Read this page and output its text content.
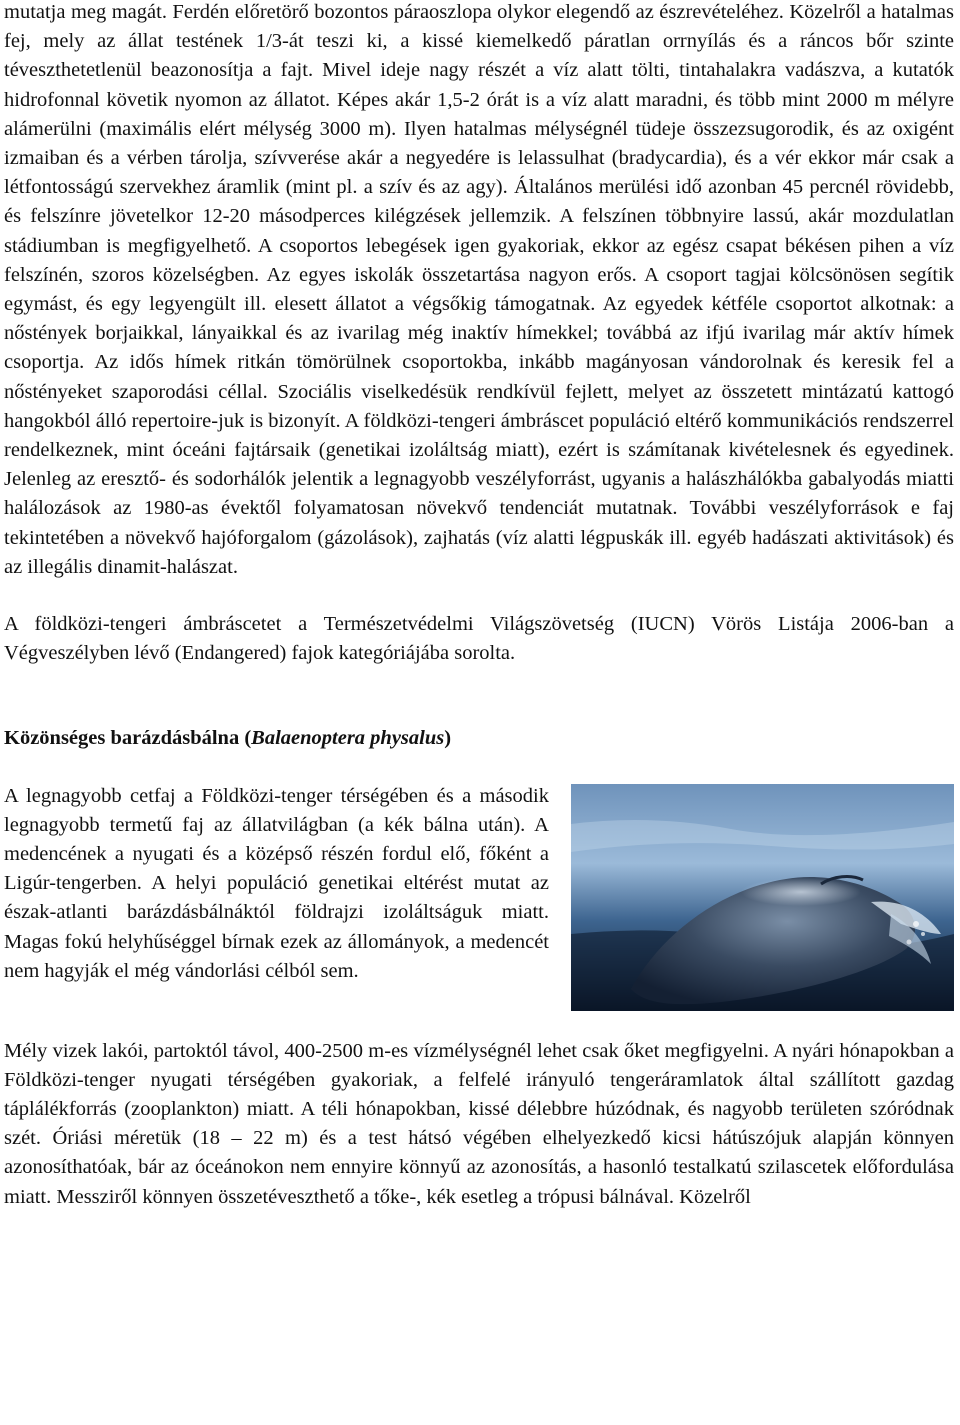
mutatja meg magát. Ferdén előretörő bozontos páraoszlopa olykor elegendő az észrevételéhez. Közelről a hatalmas fej, mely az állat testének 1/3-át teszi ki, a kissé kiemelkedő páratlan orrnyílás és a ráncos bőr szinte téveszthetetlenül beazonosítja a fajt. Mivel ideje nagy részét a víz alatt tölti, tintahalakra vadászva, a kutatók hidrofonnal követik nyomon az állatot. Képes akár 1,5-2 órát is a víz alatt maradni, és több mint 2000 m mélyre alámerülni (maximális elért mélység 3000 m). Ilyen hatalmas mélységnél tüdeje összezsugorodik, és az oxigént izmaiban és a vérben tárolja, szívverése akár a negyedére is lelassulhat (bradycardia), és a vér ekkor már csak a létfontosságú szervekhez áramlik (mint pl. a szív és az agy). Általános merülési idő azonban 45 percnél rövidebb, és felszínre jövetelkor 12-20 másodperces kilégzések jellemzik. A felszínen többnyire lassú, akár mozdulatlan stádiumban is megfigyelhető. A csoportos lebegések igen gyakoriak, ekkor az egész csapat békésen pihen a víz felszínén, szoros közelségben. Az egyes iskolák összetartása nagyon erős. A csoport tagjai kölcsönösen segítik egymást, és egy legyengült ill. elesett állatot a végsőkig támogatnak. Az egyedek kétféle csoportot alkotnak: a nőstények borjaikkal, lányaikkal és az ivarilag még inaktív hímekkel; továbbá az ifjú ivarilag már aktív hímek csoportja. Az idős hímek ritkán tömörülnek csoportokba, inkább magányosan vándorolnak és keresik fel a nőstényeket szaporodási céllal. Szociális viselkedésük rendkívül fejlett, melyet az összetett mintázatú kattogó hangokból álló repertoire-juk is bizonyít. A földközi-tengeri ámbráscet populáció eltérő kommunikációs rendszerrel rendelkeznek, mint óceáni fajtársaik (genetikai izoláltság miatt), ezért is számítanak kivételesnek és egyedinek. Jelenleg az eresztő- és sodorhálók jelentik a legnagyobb veszélyforrást, ugyanis a halászhálókba gabalyodás miatti halálozások az 1980-as évektől folyamatosan növekvő tendenciát mutatnak. További veszélyforrások e faj tekintetében a növekvő hajóforgalom (gázolások), zajhatás (víz alatti légpuskák ill. egyéb hadászati aktivitások) és az illegális dinamit-halászat.

A földközi-tengeri ámbráscetet a Természetvédelmi Világszövetség (IUCN) Vörös Listája 2006-ban a Végveszélyben lévő (Endangered) fajok kategóriájába sorolta.

Közönséges barázdásbálna (Balaenoptera physalus)

A legnagyobb cetfaj a Földközi-tenger térségében és a második legnagyobb termetű faj az állatvilágban (a kék bálna után). A medencének a nyugati és a középső részén fordul elő, főként a Ligúr-tengerben. A helyi populáció genetikai eltérést mutat az észak-atlanti barázdásbálnáktól földrajzi izoláltságuk miatt. Magas fokú helyhűséggel bírnak ezek az állományok, a medencét nem hagyják el még vándorlási célból sem.

Mély vizek lakói, partoktól távol, 400-2500 m-es vízmélységnél lehet csak őket megfigyelni. A nyári hónapokban a Földközi-tenger nyugati térségében gyakoriak, a felfelé irányuló tengeráramlatok által szállított gazdag táplálékforrás (zooplankton) miatt. A téli hónapokban, kissé délebbre húzódnak, és nagyobb területen szóródnak szét. Óriási méretük (18 – 22 m) és a test hátsó végében elhelyezkedő kicsi hátúszójuk alapján könnyen azonosíthatóak, bár az óceánokon nem ennyire könnyű az azonosítás, a hasonló testalkatú szilascetek előfordulása miatt. Messziről könnyen összetéveszthető a tőke-, kék esetleg a trópusi bálnával. Közelről
